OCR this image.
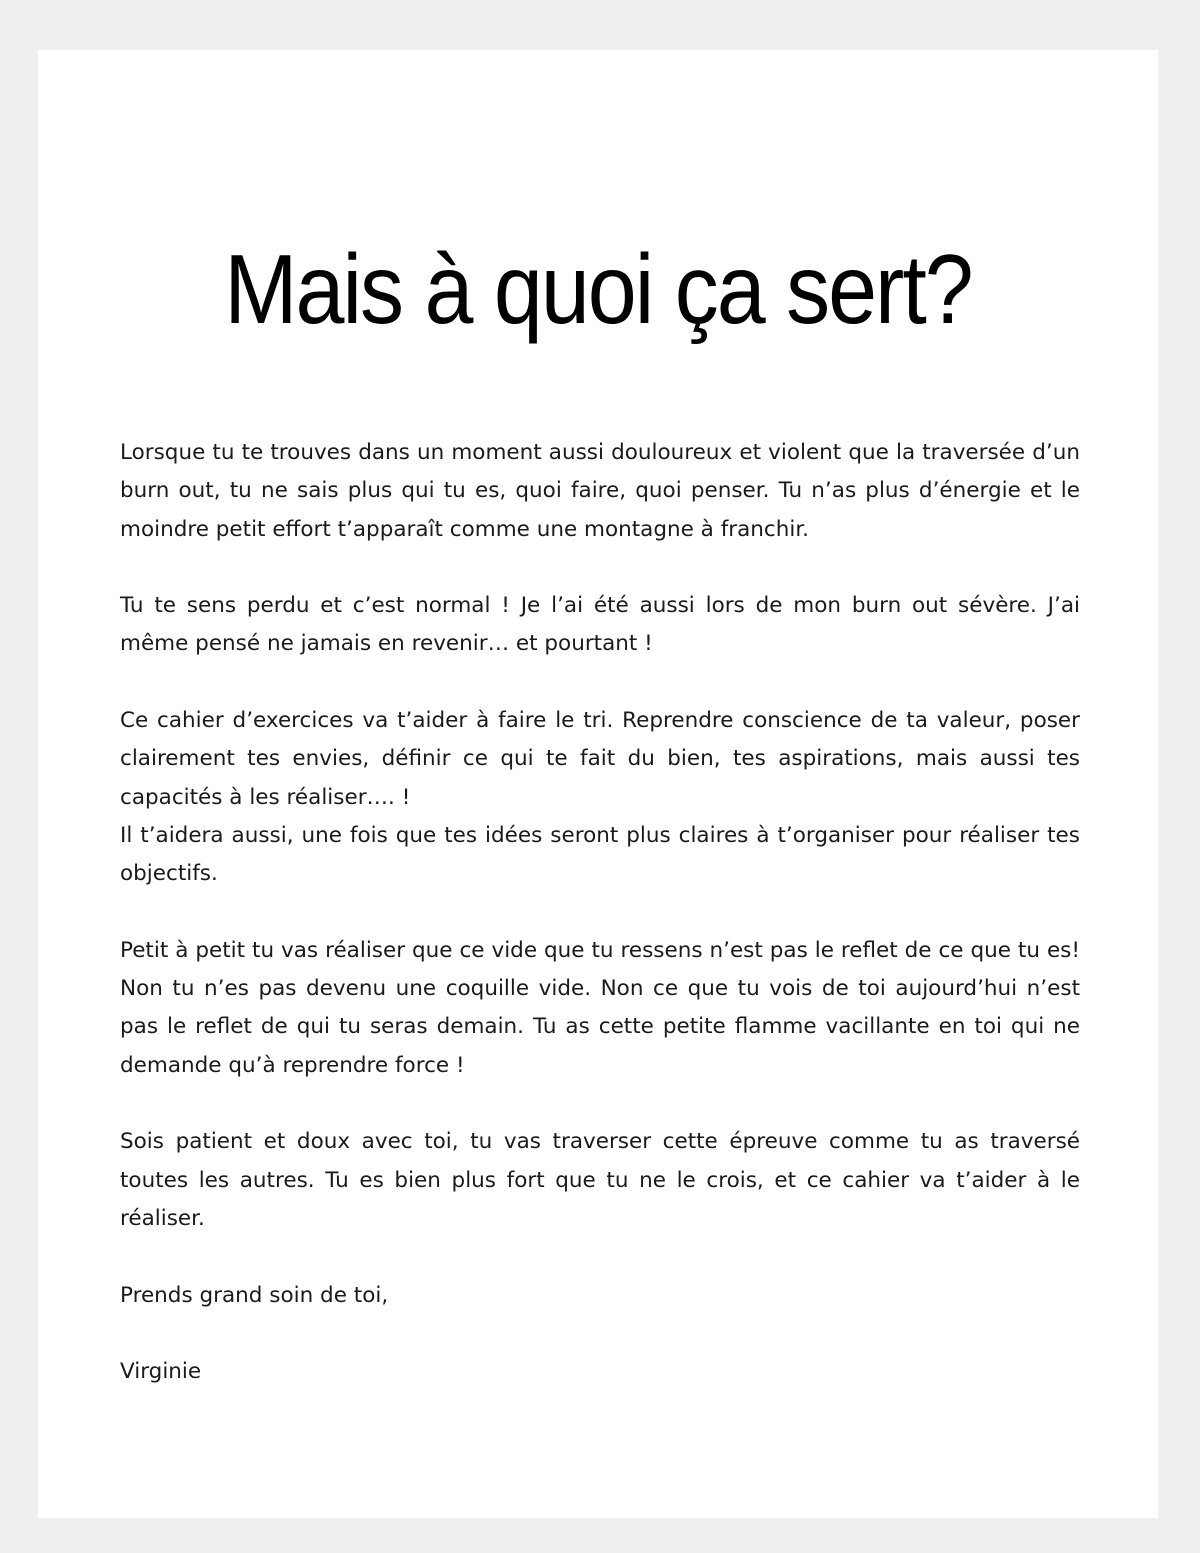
Mais à quoi ça sert?

Lorsque tu te trouves dans un moment aussi douloureux et violent que la traversée d’un burn out, tu ne sais plus qui tu es, quoi faire, quoi penser. Tu n’as plus d’énergie et le moindre petit effort t’apparaît comme une montagne à franchir.

Tu te sens perdu et c’est normal ! Je l’ai été aussi lors de mon burn out sévère. J’ai même pensé ne jamais en revenir… et pourtant !

Ce cahier d’exercices va t’aider à faire le tri. Reprendre conscience de ta valeur, poser clairement tes envies, définir ce qui te fait du bien, tes aspirations, mais aussi tes capacités à les réaliser…. !
Il t’aidera aussi, une fois que tes idées seront plus claires à t’organiser pour réaliser tes objectifs.

Petit à petit tu vas réaliser que ce vide que tu ressens n’est pas le reflet de ce que tu es! Non tu n’es pas devenu une coquille vide. Non ce que tu vois de toi aujourd’hui n’est pas le reflet de qui tu seras demain. Tu as cette petite flamme vacillante en toi qui ne demande qu’à reprendre force !

Sois patient et doux avec toi, tu vas traverser cette épreuve comme tu as traversé toutes les autres. Tu es bien plus fort que tu ne le crois, et ce cahier va t’aider à le réaliser.

Prends grand soin de toi,

Virginie
